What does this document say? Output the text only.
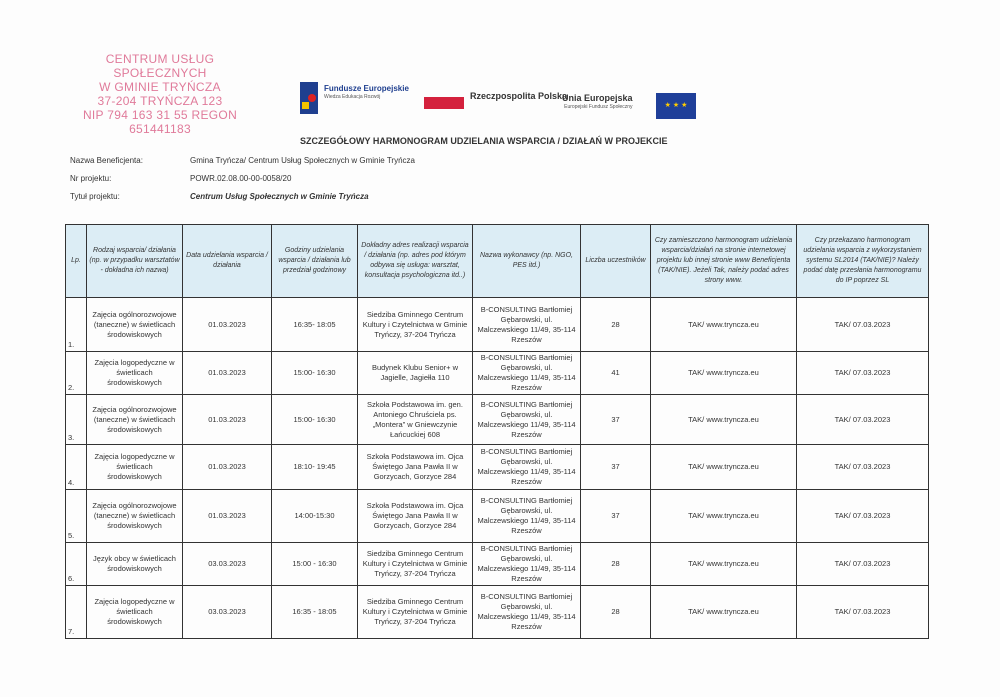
CENTRUM USŁUG SPOŁECZNYCH
W GMINIE TRYŃCZA
37-204 TRYŃCZA 123
NIP 794 163 31 55 REGON 651441183
Fundusze Europejskie
Wiedza Edukacja Rozwój	Rzeczpospolita Polska
Unia Europejska
Europejski Fundusz Społeczny	★ ★ ★
SZCZEGÓŁOWY HARMONOGRAM UDZIELANIA WSPARCIA / DZIAŁAŃ W PROJEKCIE
Nazwa Beneficjenta:	Gmina Tryńcza/ Centrum Usług Społecznych w Gminie Tryńcza
Nr projektu:	POWR.02.08.00-00-0058/20
Tytuł projektu:	Centrum Usług Społecznych w Gminie Tryńcza
Lp.	Rodzaj wsparcia/ działania (np. w przypadku warsztatów - dokładna ich nazwa)	Data udzielania wsparcia / działania	Godziny udzielania wsparcia / działania lub przedział godzinowy	Dokładny adres realizacji wsparcia / działania (np. adres pod którym odbywa się usługa: warsztat, konsultacja psychologiczna itd..)	Nazwa wykonawcy (np. NGO, PES itd.)	Liczba uczestników	Czy zamieszczono harmonogram udzielania wsparcia/działań na stronie internetowej projektu lub innej stronie www Beneficjenta (TAK/NIE). Jeżeli Tak, należy podać adres strony www.	Czy przekazano harmonogram udzielania wsparcia z wykorzystaniem systemu SL2014 (TAK/NIE)? Należy podać datę przesłania harmonogramu do IP poprzez SL
1.	Zajęcia ogólnorozwojowe (taneczne) w świetlicach środowiskowych	01.03.2023	16:35- 18:05	Siedziba Gminnego Centrum Kultury i Czytelnictwa w Gminie Tryńczy, 37-204 Tryńcza	B-CONSULTING Bartłomiej Gębarowski, ul. Malczewskiego 11/49, 35-114 Rzeszów	28	TAK/ www.tryncza.eu	TAK/ 07.03.2023
2.	Zajęcia logopedyczne w świetlicach środowiskowych	01.03.2023	15:00- 16:30	Budynek Klubu Senior+ w Jagielle, Jagiełła 110	B-CONSULTING Bartłomiej Gębarowski, ul. Malczewskiego 11/49, 35-114 Rzeszów	41	TAK/ www.tryncza.eu	TAK/ 07.03.2023
3.	Zajęcia ogólnorozwojowe (taneczne) w świetlicach środowiskowych	01.03.2023	15:00- 16:30	Szkoła Podstawowa im. gen. Antoniego Chruściela ps. „Montera” w Gniewczynie Łańcuckiej 608	B-CONSULTING Bartłomiej Gębarowski, ul. Malczewskiego 11/49, 35-114 Rzeszów	37	TAK/ www.tryncza.eu	TAK/ 07.03.2023
4.	Zajęcia logopedyczne w świetlicach środowiskowych	01.03.2023	18:10- 19:45	Szkoła Podstawowa im. Ojca Świętego Jana Pawła II w Gorzycach, Gorzyce 284	B-CONSULTING Bartłomiej Gębarowski, ul. Malczewskiego 11/49, 35-114 Rzeszów	37	TAK/ www.tryncza.eu	TAK/ 07.03.2023
5.	Zajęcia ogólnorozwojowe (taneczne) w świetlicach środowiskowych	01.03.2023	14:00-15:30	Szkoła Podstawowa im. Ojca Świętego Jana Pawła II w Gorzycach, Gorzyce 284	B-CONSULTING Bartłomiej Gębarowski, ul. Malczewskiego 11/49, 35-114 Rzeszów	37	TAK/ www.tryncza.eu	TAK/ 07.03.2023
6.	Język obcy w świetlicach środowiskowych	03.03.2023	15:00 - 16:30	Siedziba Gminnego Centrum Kultury i Czytelnictwa w Gminie Tryńczy, 37-204 Tryńcza	B-CONSULTING Bartłomiej Gębarowski, ul. Malczewskiego 11/49, 35-114 Rzeszów	28	TAK/ www.tryncza.eu	TAK/ 07.03.2023
7.	Zajęcia logopedyczne w świetlicach środowiskowych	03.03.2023	16:35 - 18:05	Siedziba Gminnego Centrum Kultury i Czytelnictwa w Gminie Tryńczy, 37-204 Tryńcza	B-CONSULTING Bartłomiej Gębarowski, ul. Malczewskiego 11/49, 35-114 Rzeszów	28	TAK/ www.tryncza.eu	TAK/ 07.03.2023
